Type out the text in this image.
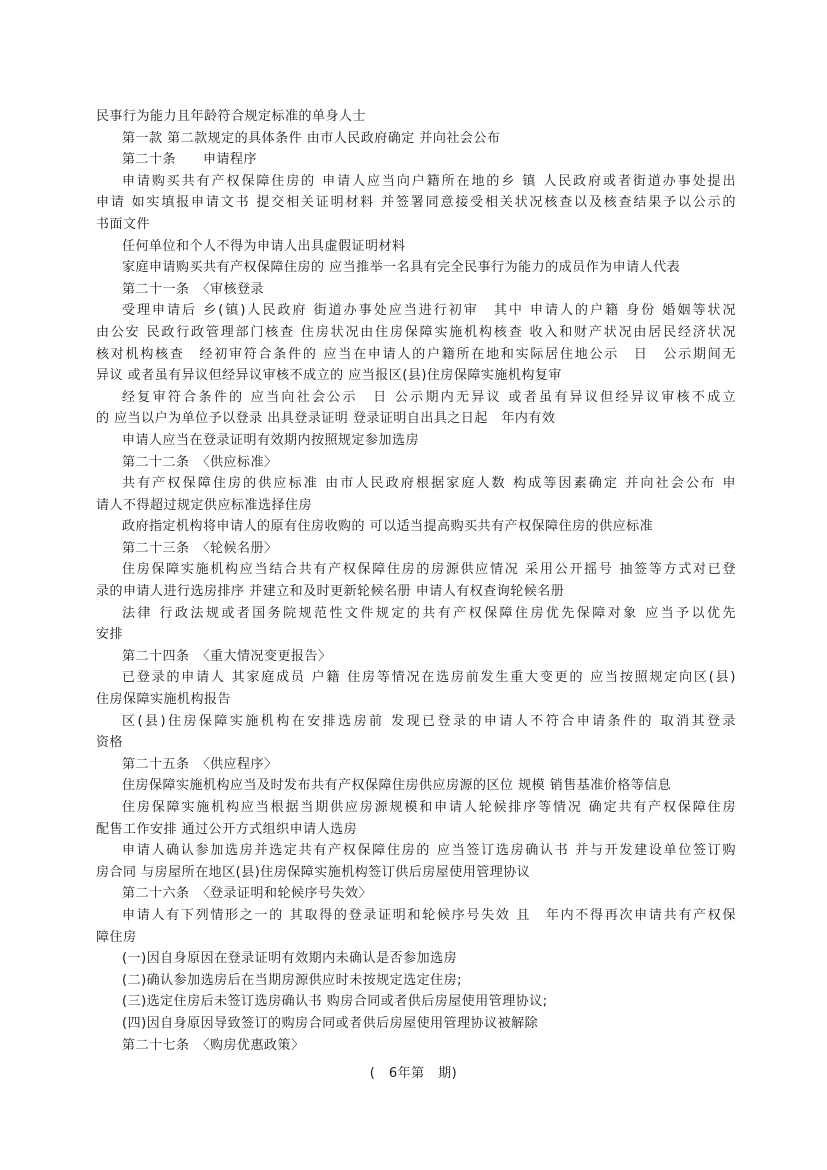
民事行为能力且年龄符合规定标准的单身人士
第一款 第二款规定的具体条件 由市人民政府确定 并向社会公布
第二十条　　申请程序
申请购买共有产权保障住房的 申请人应当向户籍所在地的乡 镇 人民政府或者街道办事处提出
申请 如实填报申请文书 提交相关证明材料 并签署同意接受相关状况核查以及核查结果予以公示的
书面文件
任何单位和个人不得为申请人出具虚假证明材料
家庭申请购买共有产权保障住房的 应当推举一名具有完全民事行为能力的成员作为申请人代表
第二十一条　〈审核登录
受理申请后 乡(镇)人民政府 街道办事处应当进行初审　其中 申请人的户籍 身份 婚姻等状况
由公安 民政行政管理部门核查 住房状况由住房保障实施机构核查 收入和财产状况由居民经济状况
核对机构核查　经初审符合条件的 应当在申请人的户籍所在地和实际居住地公示　日　公示期间无
异议 或者虽有异议但经异议审核不成立的 应当报区(县)住房保障实施机构复审
经复审符合条件的 应当向社会公示　日 公示期内无异议 或者虽有异议但经异议审核不成立
的 应当以户为单位予以登录 出具登录证明 登录证明自出具之日起　年内有效
申请人应当在登录证明有效期内按照规定参加选房
第二十二条　〈供应标准〉
共有产权保障住房的供应标准 由市人民政府根据家庭人数 构成等因素确定 并向社会公布 申
请人不得超过规定供应标准选择住房
政府指定机构将申请人的原有住房收购的 可以适当提高购买共有产权保障住房的供应标准
第二十三条　〈轮候名册〉
住房保障实施机构应当结合共有产权保障住房的房源供应情况 采用公开摇号 抽签等方式对已登
录的申请人进行选房排序 并建立和及时更新轮候名册 申请人有权查询轮候名册
法律 行政法规或者国务院规范性文件规定的共有产权保障住房优先保障对象 应当予以优先
安排
第二十四条　〈重大情况变更报告〉
已登录的申请人 其家庭成员 户籍 住房等情况在选房前发生重大变更的 应当按照规定向区(县)
住房保障实施机构报告
区(县)住房保障实施机构在安排选房前 发现已登录的申请人不符合申请条件的 取消其登录
资格
第二十五条　〈供应程序〉
住房保障实施机构应当及时发布共有产权保障住房供应房源的区位 规模 销售基准价格等信息
住房保障实施机构应当根据当期供应房源规模和申请人轮候排序等情况 确定共有产权保障住房
配售工作安排 通过公开方式组织申请人选房
申请人确认参加选房并选定共有产权保障住房的 应当签订选房确认书 并与开发建设单位签订购
房合同 与房屋所在地区(县)住房保障实施机构签订供后房屋使用管理协议
第二十六条　〈登录证明和轮候序号失效〉
申请人有下列情形之一的 其取得的登录证明和轮候序号失效 且　年内不得再次申请共有产权保
障住房
(一)因自身原因在登录证明有效期内未确认是否参加选房
(二)确认参加选房后在当期房源供应时未按规定选定住房;
(三)选定住房后未签订选房确认书 购房合同或者供后房屋使用管理协议;
(四)因自身原因导致签订的购房合同或者供后房屋使用管理协议被解除
第二十七条　〈购房优惠政策〉
(　6年第　期)
